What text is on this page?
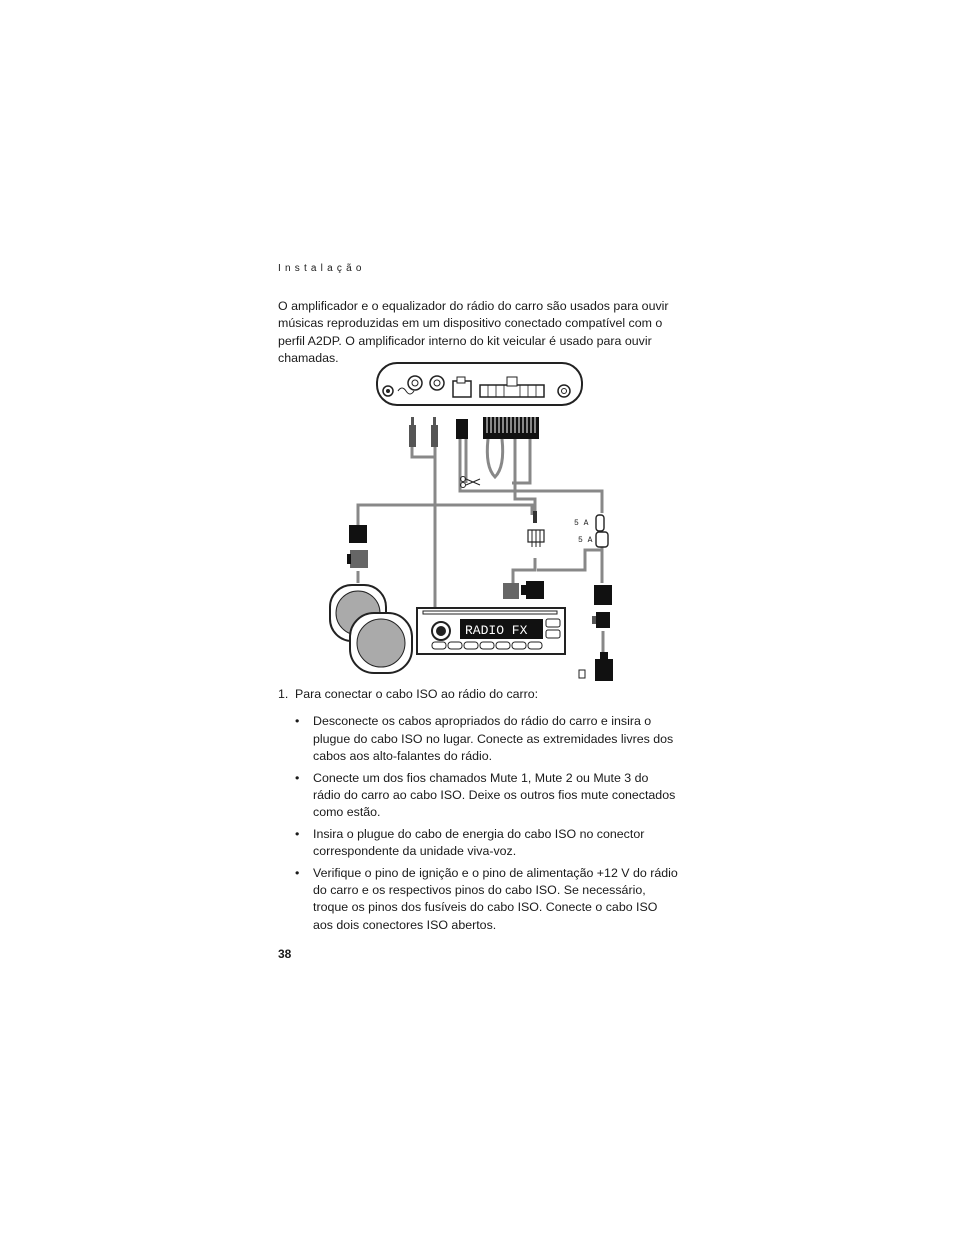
Instalação

O amplificador e o equalizador do rádio do carro são usados para ouvir músicas reproduzidas em um dispositivo conectado compatível com o perfil A2DP. O amplificador interno do kit veicular é usado para ouvir chamadas.

5 A
5 A
RADIO FX

1. Para conectar o cabo ISO ao rádio do carro:

• Desconecte os cabos apropriados do rádio do carro e insira o plugue do cabo ISO no lugar. Conecte as extremidades livres dos cabos aos alto-falantes do rádio.
• Conecte um dos fios chamados Mute 1, Mute 2 ou Mute 3 do rádio do carro ao cabo ISO. Deixe os outros fios mute conectados como estão.
• Insira o plugue do cabo de energia do cabo ISO no conector correspondente da unidade viva-voz.
• Verifique o pino de ignição e o pino de alimentação +12 V do rádio do carro e os respectivos pinos do cabo ISO. Se necessário, troque os pinos dos fusíveis do cabo ISO. Conecte o cabo ISO aos dois conectores ISO abertos.
38
